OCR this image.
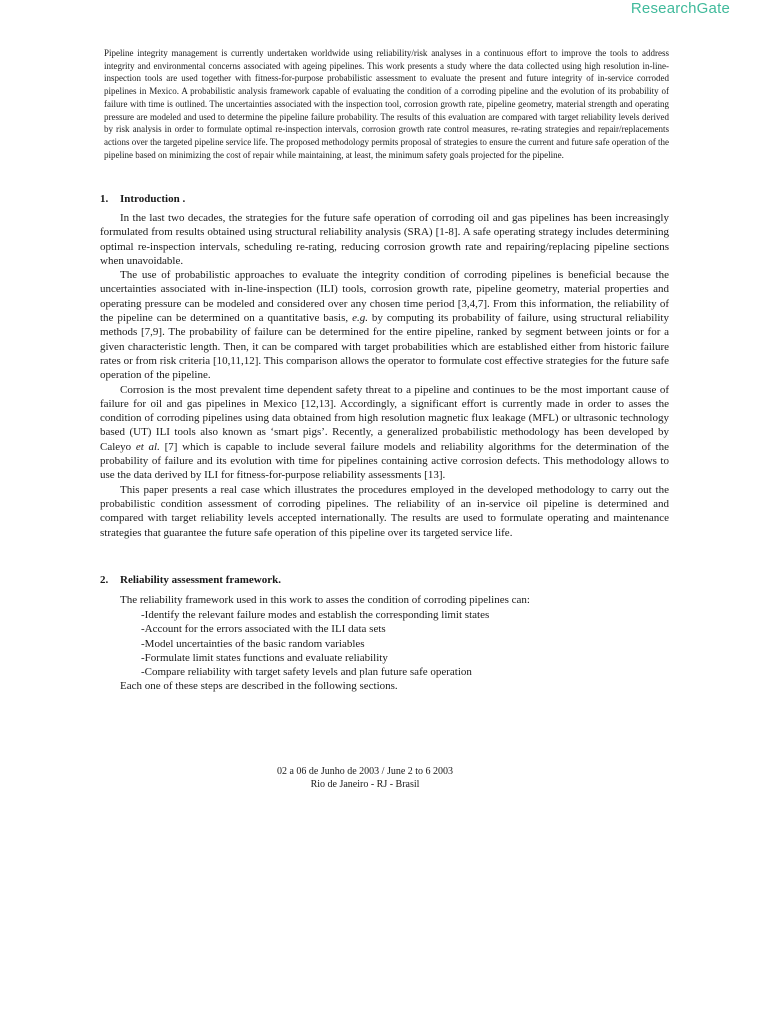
ResearchGate

Pipeline integrity management is currently undertaken worldwide using reliability/risk analyses in a continuous effort to improve the tools to address integrity and environmental concerns associated with ageing pipelines. This work presents a study where the data collected using high resolution in-line-inspection tools are used together with fitness-for-purpose probabilistic assessment to evaluate the present and future integrity of in-service corroded pipelines in Mexico. A probabilistic analysis framework capable of evaluating the condition of a corroding pipeline and the evolution of its probability of failure with time is outlined. The uncertainties associated with the inspection tool, corrosion growth rate, pipeline geometry, material strength and operating pressure are modeled and used to determine the pipeline failure probability. The results of this evaluation are compared with target reliability levels derived by risk analysis in order to formulate optimal re-inspection intervals, corrosion growth rate control measures, re-rating strategies and repair/replacements actions over the targeted pipeline service life. The proposed methodology permits proposal of strategies to ensure the current and future safe operation of the pipeline based on minimizing the cost of repair while maintaining, at least, the minimum safety goals projected for the pipeline.

1. Introduction .

In the last two decades, the strategies for the future safe operation of corroding oil and gas pipelines has been increasingly formulated from results obtained using structural reliability analysis (SRA) [1-8]. A safe operating strategy includes determining optimal re-inspection intervals, scheduling re-rating, reducing corrosion growth rate and repairing/replacing pipeline sections when unavoidable.

The use of probabilistic approaches to evaluate the integrity condition of corroding pipelines is beneficial because the uncertainties associated with in-line-inspection (ILI) tools, corrosion growth rate, pipeline geometry, material properties and operating pressure can be modeled and considered over any chosen time period [3,4,7]. From this information, the reliability of the pipeline can be determined on a quantitative basis, e.g. by computing its probability of failure, using structural reliability methods [7,9]. The probability of failure can be determined for the entire pipeline, ranked by segment between joints or for a given characteristic length. Then, it can be compared with target probabilities which are established either from historic failure rates or from risk criteria [10,11,12]. This comparison allows the operator to formulate cost effective strategies for the future safe operation of the pipeline.

Corrosion is the most prevalent time dependent safety threat to a pipeline and continues to be the most important cause of failure for oil and gas pipelines in Mexico [12,13]. Accordingly, a significant effort is currently made in order to asses the condition of corroding pipelines using data obtained from high resolution magnetic flux leakage (MFL) or ultrasonic technology based (UT) ILI tools also known as ‘smart pigs’. Recently, a generalized probabilistic methodology has been developed by Caleyo et al. [7] which is capable to include several failure models and reliability algorithms for the determination of the probability of failure and its evolution with time for pipelines containing active corrosion defects. This methodology allows to use the data derived by ILI for fitness-for-purpose reliability assessments [13].

This paper presents a real case which illustrates the procedures employed in the developed methodology to carry out the probabilistic condition assessment of corroding pipelines. The reliability of an in-service oil pipeline is determined and compared with target reliability levels accepted internationally. The results are used to formulate operating and maintenance strategies that guarantee the future safe operation of this pipeline over its targeted service life.

2. Reliability assessment framework.

The reliability framework used in this work to asses the condition of corroding pipelines can:

-Identify the relevant failure modes and establish the corresponding limit states
-Account for the errors associated with the ILI data sets
-Model uncertainties of the basic random variables
-Formulate limit states functions and evaluate reliability
-Compare reliability with target safety levels and plan future safe operation

Each one of these steps are described in the following sections.

02 a 06 de Junho de 2003 / June 2 to 6 2003
Rio de Janeiro - RJ - Brasil
